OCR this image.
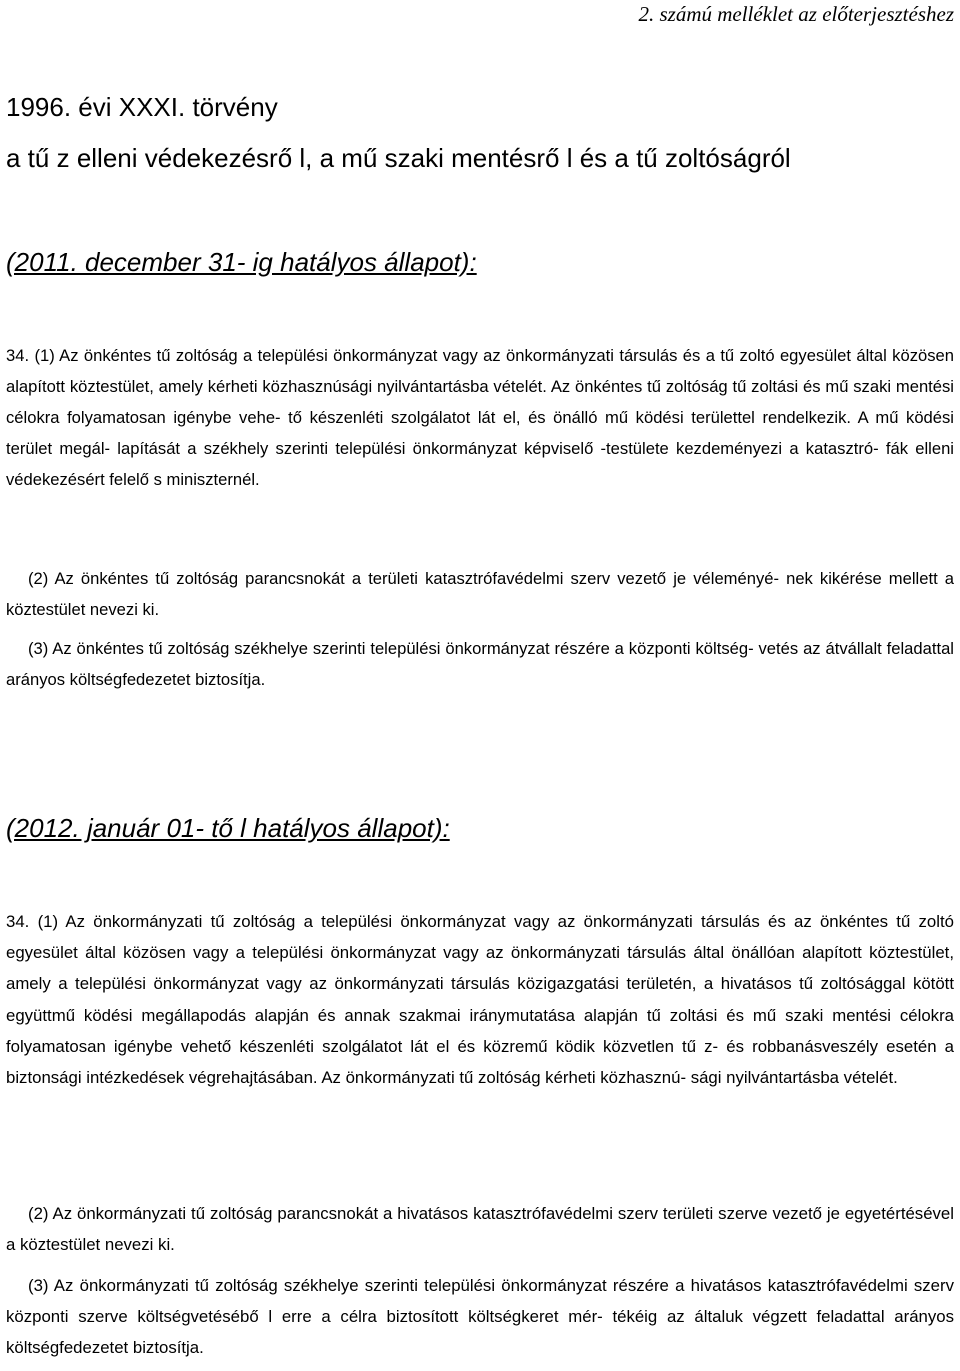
2. számú melléklet az előterjesztéshez
1996. évi XXXI. törvény
a tű z elleni védekezésrő l, a mű szaki mentésrő l és a tű zoltóságról
(2011. december 31- ig hatályos állapot):
34. (1) Az önkéntes tű zoltóság a települési önkormányzat vagy az önkormányzati társulás és a tű zoltó egyesület által közösen alapított köztestület, amely kérheti közhasznúsági nyilvántartásba vételét. Az önkéntes tű zoltóság tű zoltási és mű szaki mentési célokra folyamatosan igénybe vehe- tő készenléti szolgálatot lát el, és önálló mű ködési területtel rendelkezik. A mű ködési terület megál- lapítását a székhely szerinti települési önkormányzat képviselő -testülete kezdeményezi a katasztró- fák elleni védekezésért felelő s miniszternél.
(2) Az önkéntes tű zoltóság parancsnokát a területi katasztrófavédelmi szerv vezető je véleményé- nek kikérése mellett a köztestület nevezi ki.
(3) Az önkéntes tű zoltóság székhelye szerinti települési önkormányzat részére a központi költség- vetés az átvállalt feladattal arányos költségfedezetet biztosítja.
(2012. január 01- tő l hatályos állapot):
34. (1) Az önkormányzati tű zoltóság a települési önkormányzat vagy az önkormányzati társulás és az önkéntes tű zoltó egyesület által közösen vagy a települési önkormányzat vagy az önkormányzati társulás által önállóan alapított köztestület, amely a települési önkormányzat vagy az önkormányzati társulás közigazgatási területén, a hivatásos tű zoltósággal kötött együttmű ködési megállapodás alapján és annak szakmai iránymutatása alapján tű zoltási és mű szaki mentési célokra folyamatosan igénybe vehető készenléti szolgálatot lát el és közremű ködik közvetlen tű z- és robbanásveszély esetén a biztonsági intézkedések végrehajtásában. Az önkormányzati tű zoltóság kérheti közhasznú- sági nyilvántartásba vételét.
(2) Az önkormányzati tű zoltóság parancsnokát a hivatásos katasztrófavédelmi szerv területi szerve vezető je egyetértésével a köztestület nevezi ki.
(3) Az önkormányzati tű zoltóság székhelye szerinti települési önkormányzat részére a hivatásos katasztrófavédelmi szerv központi szerve költségvetésébő l erre a célra biztosított költségkeret mér- tékéig az általuk végzett feladattal arányos költségfedezetet biztosítja.
